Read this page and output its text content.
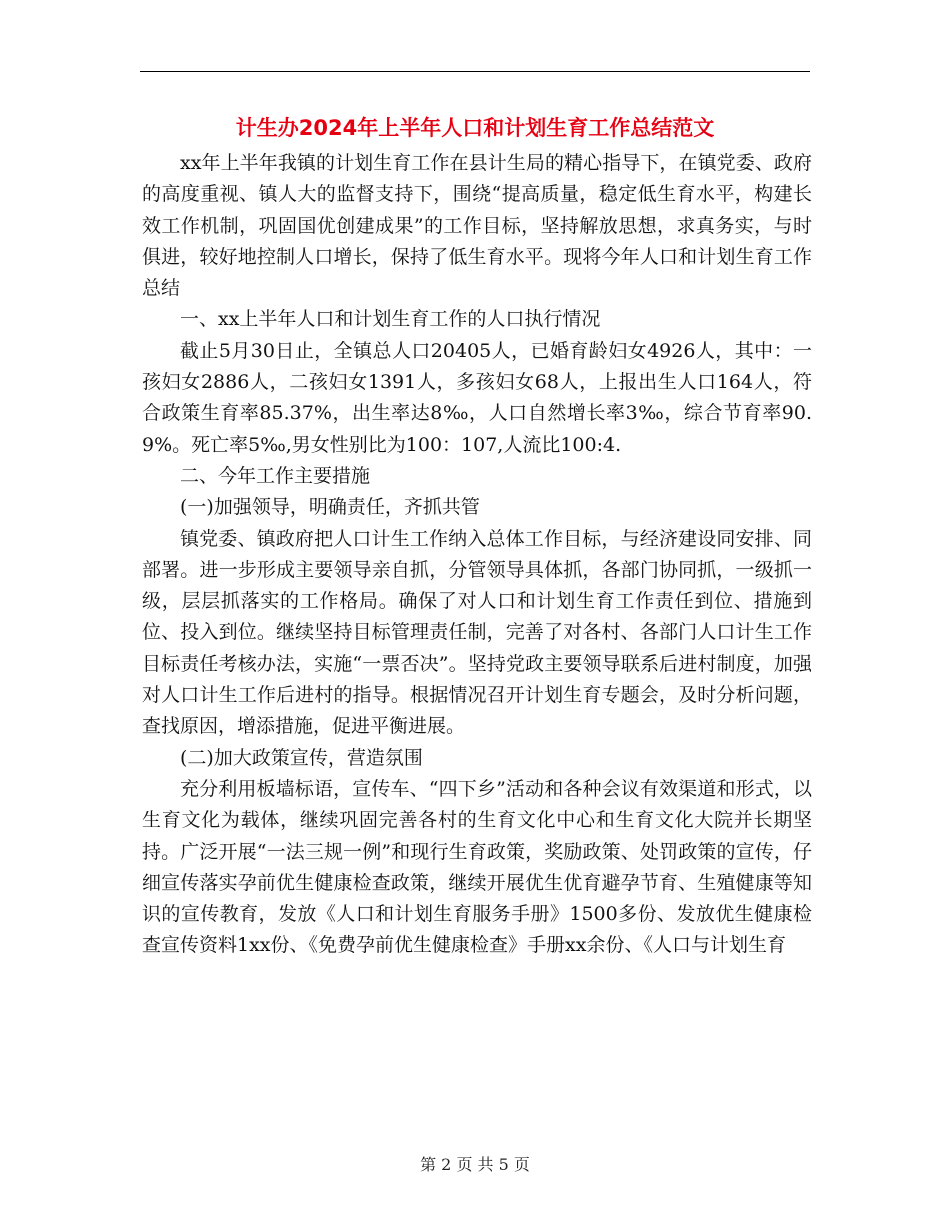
计生办2024年上半年人口和计划生育工作总结范文

xx年上半年我镇的计划生育工作在县计生局的精心指导下，在镇党委、政府的高度重视、镇人大的监督支持下，围绕“提高质量，稳定低生育水平，构建长效工作机制，巩固国优创建成果”的工作目标，坚持解放思想，求真务实，与时俱进，较好地控制人口增长，保持了低生育水平。现将今年人口和计划生育工作总结

一、xx上半年人口和计划生育工作的人口执行情况

截止5月30日止，全镇总人口20405人，已婚育龄妇女4926人，其中：一孩妇女2886人，二孩妇女1391人，多孩妇女68人，上报出生人口164人，符合政策生育率85.37%，出生率达8‰，人口自然增长率3‰，综合节育率90.9%。死亡率5‰,男女性别比为100：107,人流比100:4.

二、今年工作主要措施

(一)加强领导，明确责任，齐抓共管

镇党委、镇政府把人口计生工作纳入总体工作目标，与经济建设同安排、同部署。进一步形成主要领导亲自抓，分管领导具体抓，各部门协同抓，一级抓一级，层层抓落实的工作格局。确保了对人口和计划生育工作责任到位、措施到位、投入到位。继续坚持目标管理责任制，完善了对各村、各部门人口计生工作目标责任考核办法，实施“一票否决”。坚持党政主要领导联系后进村制度，加强对人口计生工作后进村的指导。根据情况召开计划生育专题会，及时分析问题，查找原因，增添措施，促进平衡进展。

(二)加大政策宣传，营造氛围

充分利用板墙标语，宣传车、“四下乡”活动和各种会议有效渠道和形式，以生育文化为载体，继续巩固完善各村的生育文化中心和生育文化大院并长期坚持。广泛开展“一法三规一例”和现行生育政策，奖励政策、处罚政策的宣传，仔细宣传落实孕前优生健康检查政策，继续开展优生优育避孕节育、生殖健康等知识的宣传教育，发放《人口和计划生育服务手册》1500多份、发放优生健康检查宣传资料1xx份、《免费孕前优生健康检查》手册xx余份、《人口与计划生育

第 2 页 共 5 页
